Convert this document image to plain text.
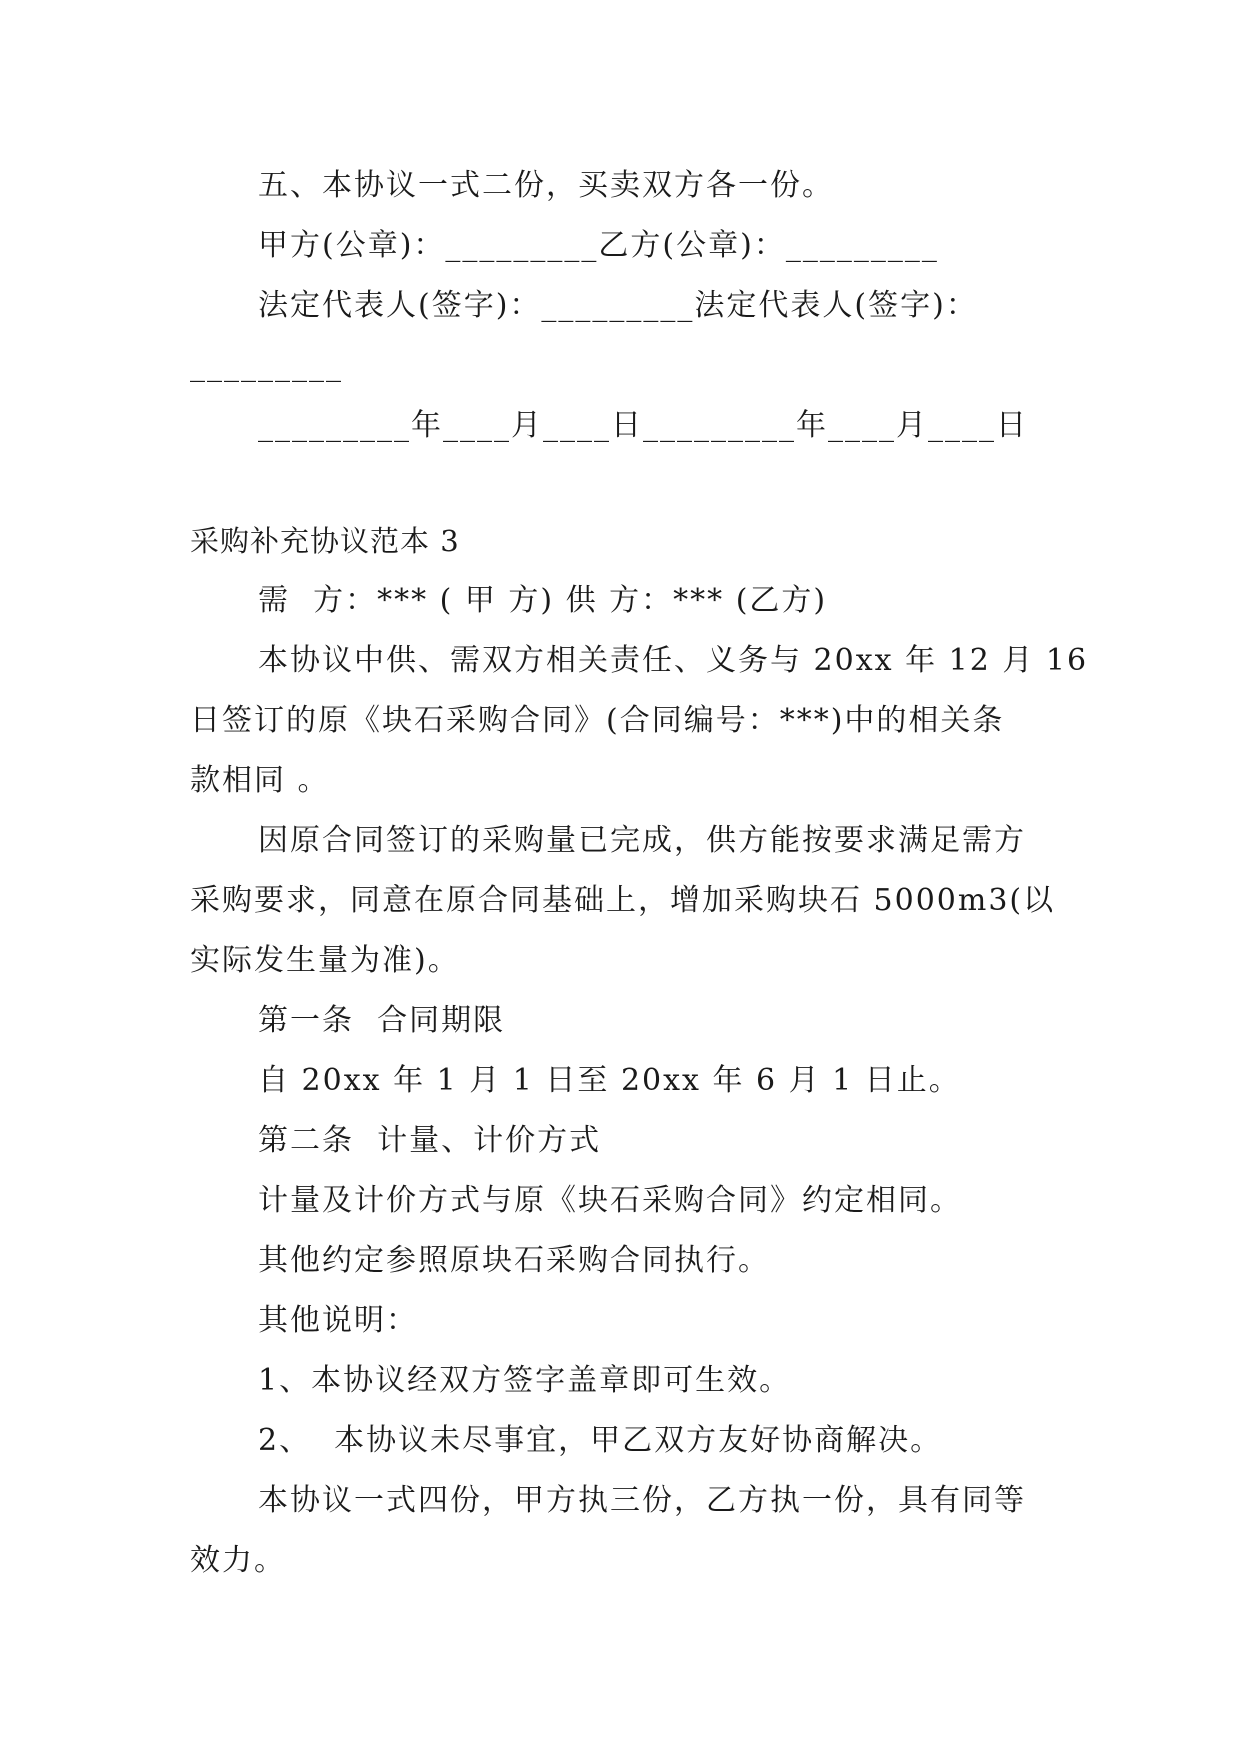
五、本协议一式二份，买卖双方各一份。
甲方(公章)：_________乙方(公章)：_________
法定代表人(签字)：_________法定代表人(签字)：
_________
_________年____月____日_________年____月____日
采购补充协议范本 3
需  方：*** ( 甲 方) 供 方：*** (乙方)
本协议中供、需双方相关责任、义务与 20xx 年 12 月 16
日签订的原《块石采购合同》(合同编号：***)中的相关条
款相同 。
因原合同签订的采购量已完成，供方能按要求满足需方
采购要求，同意在原合同基础上，增加采购块石 5000m3(以
实际发生量为准)。
第一条  合同期限
自 20xx 年 1 月 1 日至 20xx 年 6 月 1 日止。
第二条  计量、计价方式
计量及计价方式与原《块石采购合同》约定相同。
其他约定参照原块石采购合同执行。
其他说明：
1、本协议经双方签字盖章即可生效。
2、  本协议未尽事宜，甲乙双方友好协商解决。
本协议一式四份，甲方执三份，乙方执一份，具有同等
效力。
